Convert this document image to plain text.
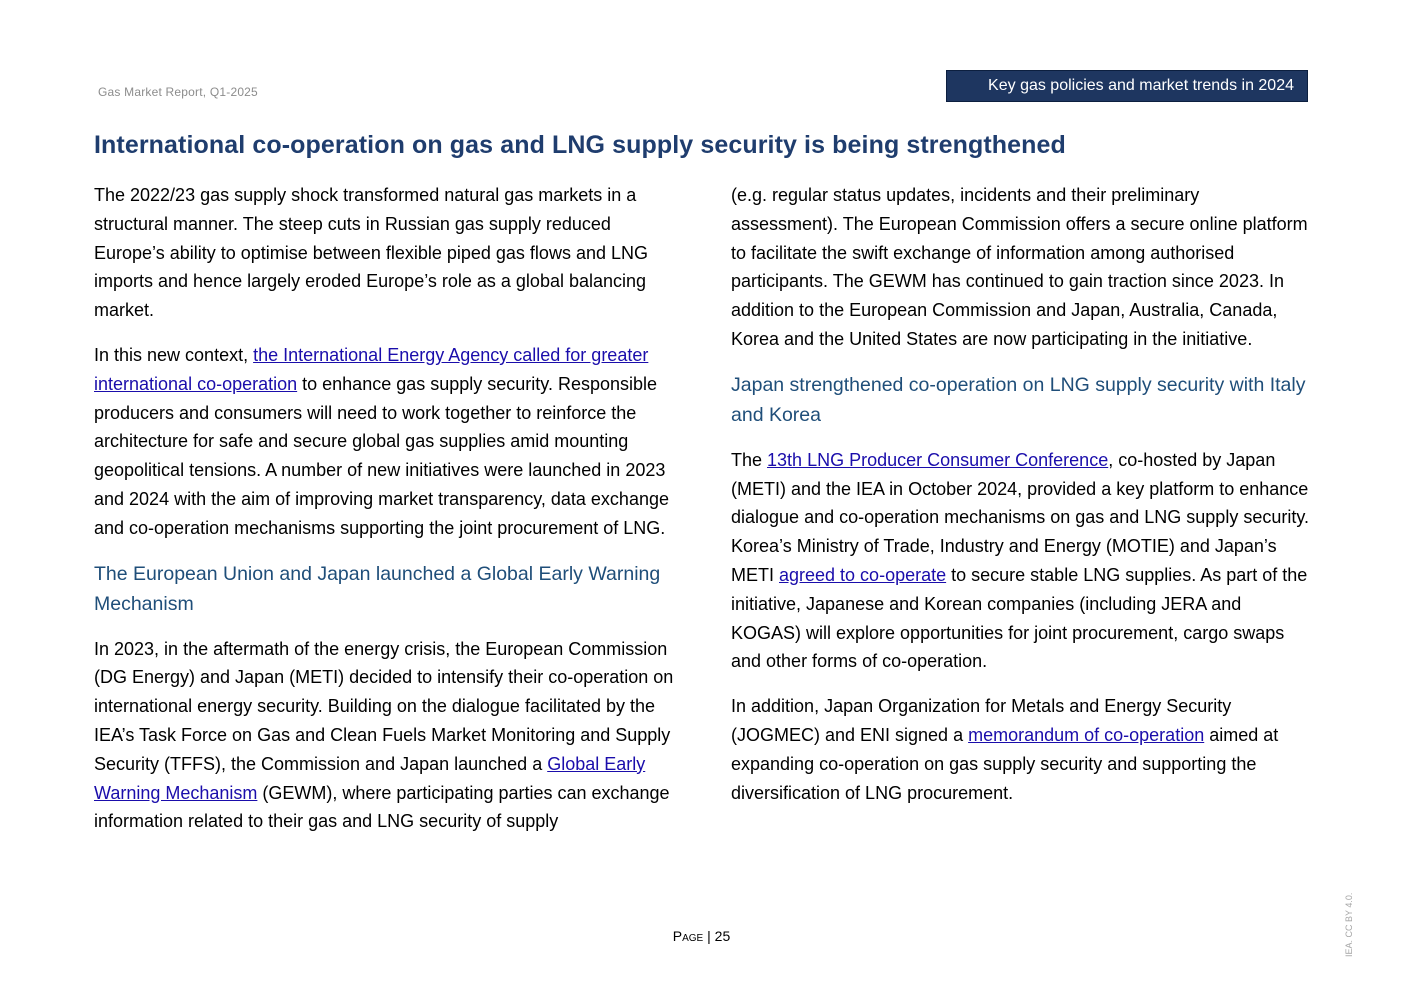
Gas Market Report, Q1-2025	Key gas policies and market trends in 2024
International co-operation on gas and LNG supply security is being strengthened

The 2022/23 gas supply shock transformed natural gas markets in a structural manner. The steep cuts in Russian gas supply reduced Europe’s ability to optimise between flexible piped gas flows and LNG imports and hence largely eroded Europe’s role as a global balancing market.

In this new context, the International Energy Agency called for greater international co-operation to enhance gas supply security. Responsible producers and consumers will need to work together to reinforce the architecture for safe and secure global gas supplies amid mounting geopolitical tensions. A number of new initiatives were launched in 2023 and 2024 with the aim of improving market transparency, data exchange and co-operation mechanisms supporting the joint procurement of LNG.

The European Union and Japan launched a Global Early Warning Mechanism

In 2023, in the aftermath of the energy crisis, the European Commission (DG Energy) and Japan (METI) decided to intensify their co-operation on international energy security. Building on the dialogue facilitated by the IEA’s Task Force on Gas and Clean Fuels Market Monitoring and Supply Security (TFFS), the Commission and Japan launched a Global Early Warning Mechanism (GEWM), where participating parties can exchange information related to their gas and LNG security of supply

(e.g. regular status updates, incidents and their preliminary assessment). The European Commission offers a secure online platform to facilitate the swift exchange of information among authorised participants. The GEWM has continued to gain traction since 2023. In addition to the European Commission and Japan, Australia, Canada, Korea and the United States are now participating in the initiative.

Japan strengthened co-operation on LNG supply security with Italy and Korea

The 13th LNG Producer Consumer Conference, co-hosted by Japan (METI) and the IEA in October 2024, provided a key platform to enhance dialogue and co-operation mechanisms on gas and LNG supply security. Korea’s Ministry of Trade, Industry and Energy (MOTIE) and Japan’s METI agreed to co-operate to secure stable LNG supplies. As part of the initiative, Japanese and Korean companies (including JERA and KOGAS) will explore opportunities for joint procurement, cargo swaps and other forms of co-operation.

In addition, Japan Organization for Metals and Energy Security (JOGMEC) and ENI signed a memorandum of co-operation aimed at expanding co-operation on gas supply security and supporting the diversification of LNG procurement.

Page | 25	IEA. CC BY 4.0.
